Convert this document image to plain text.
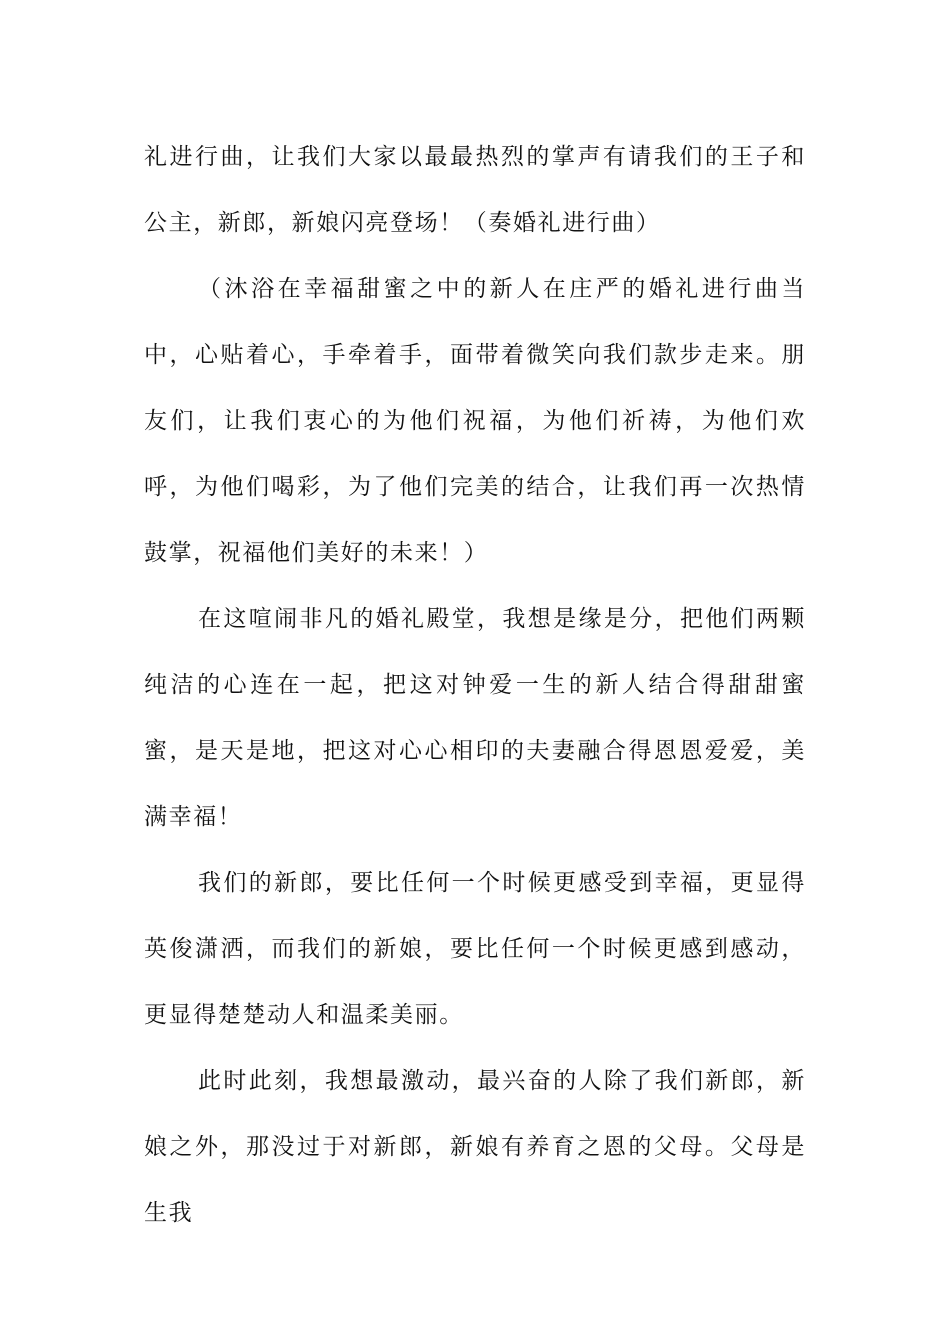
礼进行曲，让我们大家以最最热烈的掌声有请我们的王子和公主，新郎，新娘闪亮登场！（奏婚礼进行曲）

（沐浴在幸福甜蜜之中的新人在庄严的婚礼进行曲当中，心贴着心，手牵着手，面带着微笑向我们款步走来。朋友们，让我们衷心的为他们祝福，为他们祈祷，为他们欢呼，为他们喝彩，为了他们完美的结合，让我们再一次热情鼓掌，祝福他们美好的未来！）

在这喧闹非凡的婚礼殿堂，我想是缘是分，把他们两颗纯洁的心连在一起，把这对钟爱一生的新人结合得甜甜蜜蜜，是天是地，把这对心心相印的夫妻融合得恩恩爱爱，美满幸福！

我们的新郎，要比任何一个时候更感受到幸福，更显得英俊潇洒，而我们的新娘，要比任何一个时候更感到感动，更显得楚楚动人和温柔美丽。

此时此刻，我想最激动，最兴奋的人除了我们新郎，新娘之外，那没过于对新郎，新娘有养育之恩的父母。父母是生我
